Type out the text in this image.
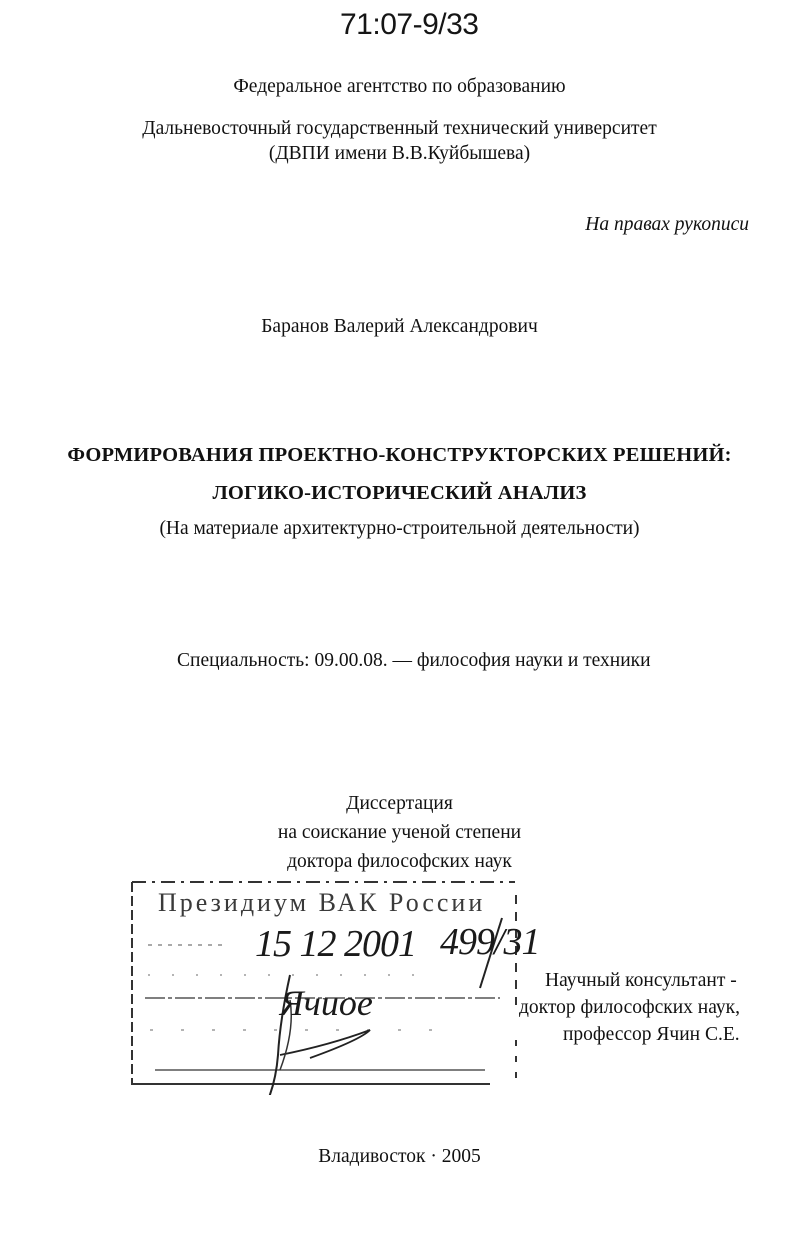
71:07-9/33
Федеральное агентство по образованию
Дальневосточный государственный технический университет
(ДВПИ имени В.В.Куйбышева)
На правах рукописи
Баранов Валерий Александрович
ФОРМИРОВАНИЯ ПРОЕКТНО-КОНСТРУКТОРСКИХ РЕШЕНИЙ:
ЛОГИКО-ИСТОРИЧЕСКИЙ АНАЛИЗ
(На материале архитектурно-строительной деятельности)
Специальность: 09.00.08. — философия науки и техники
Диссертация
на соискание ученой степени
доктора философских наук
Научный консультант -
доктор философских наук,
профессор Ячин С.Е.
Президиум ВАК России
15 12 2001 499/31
Ячиое
Владивосток · 2005
